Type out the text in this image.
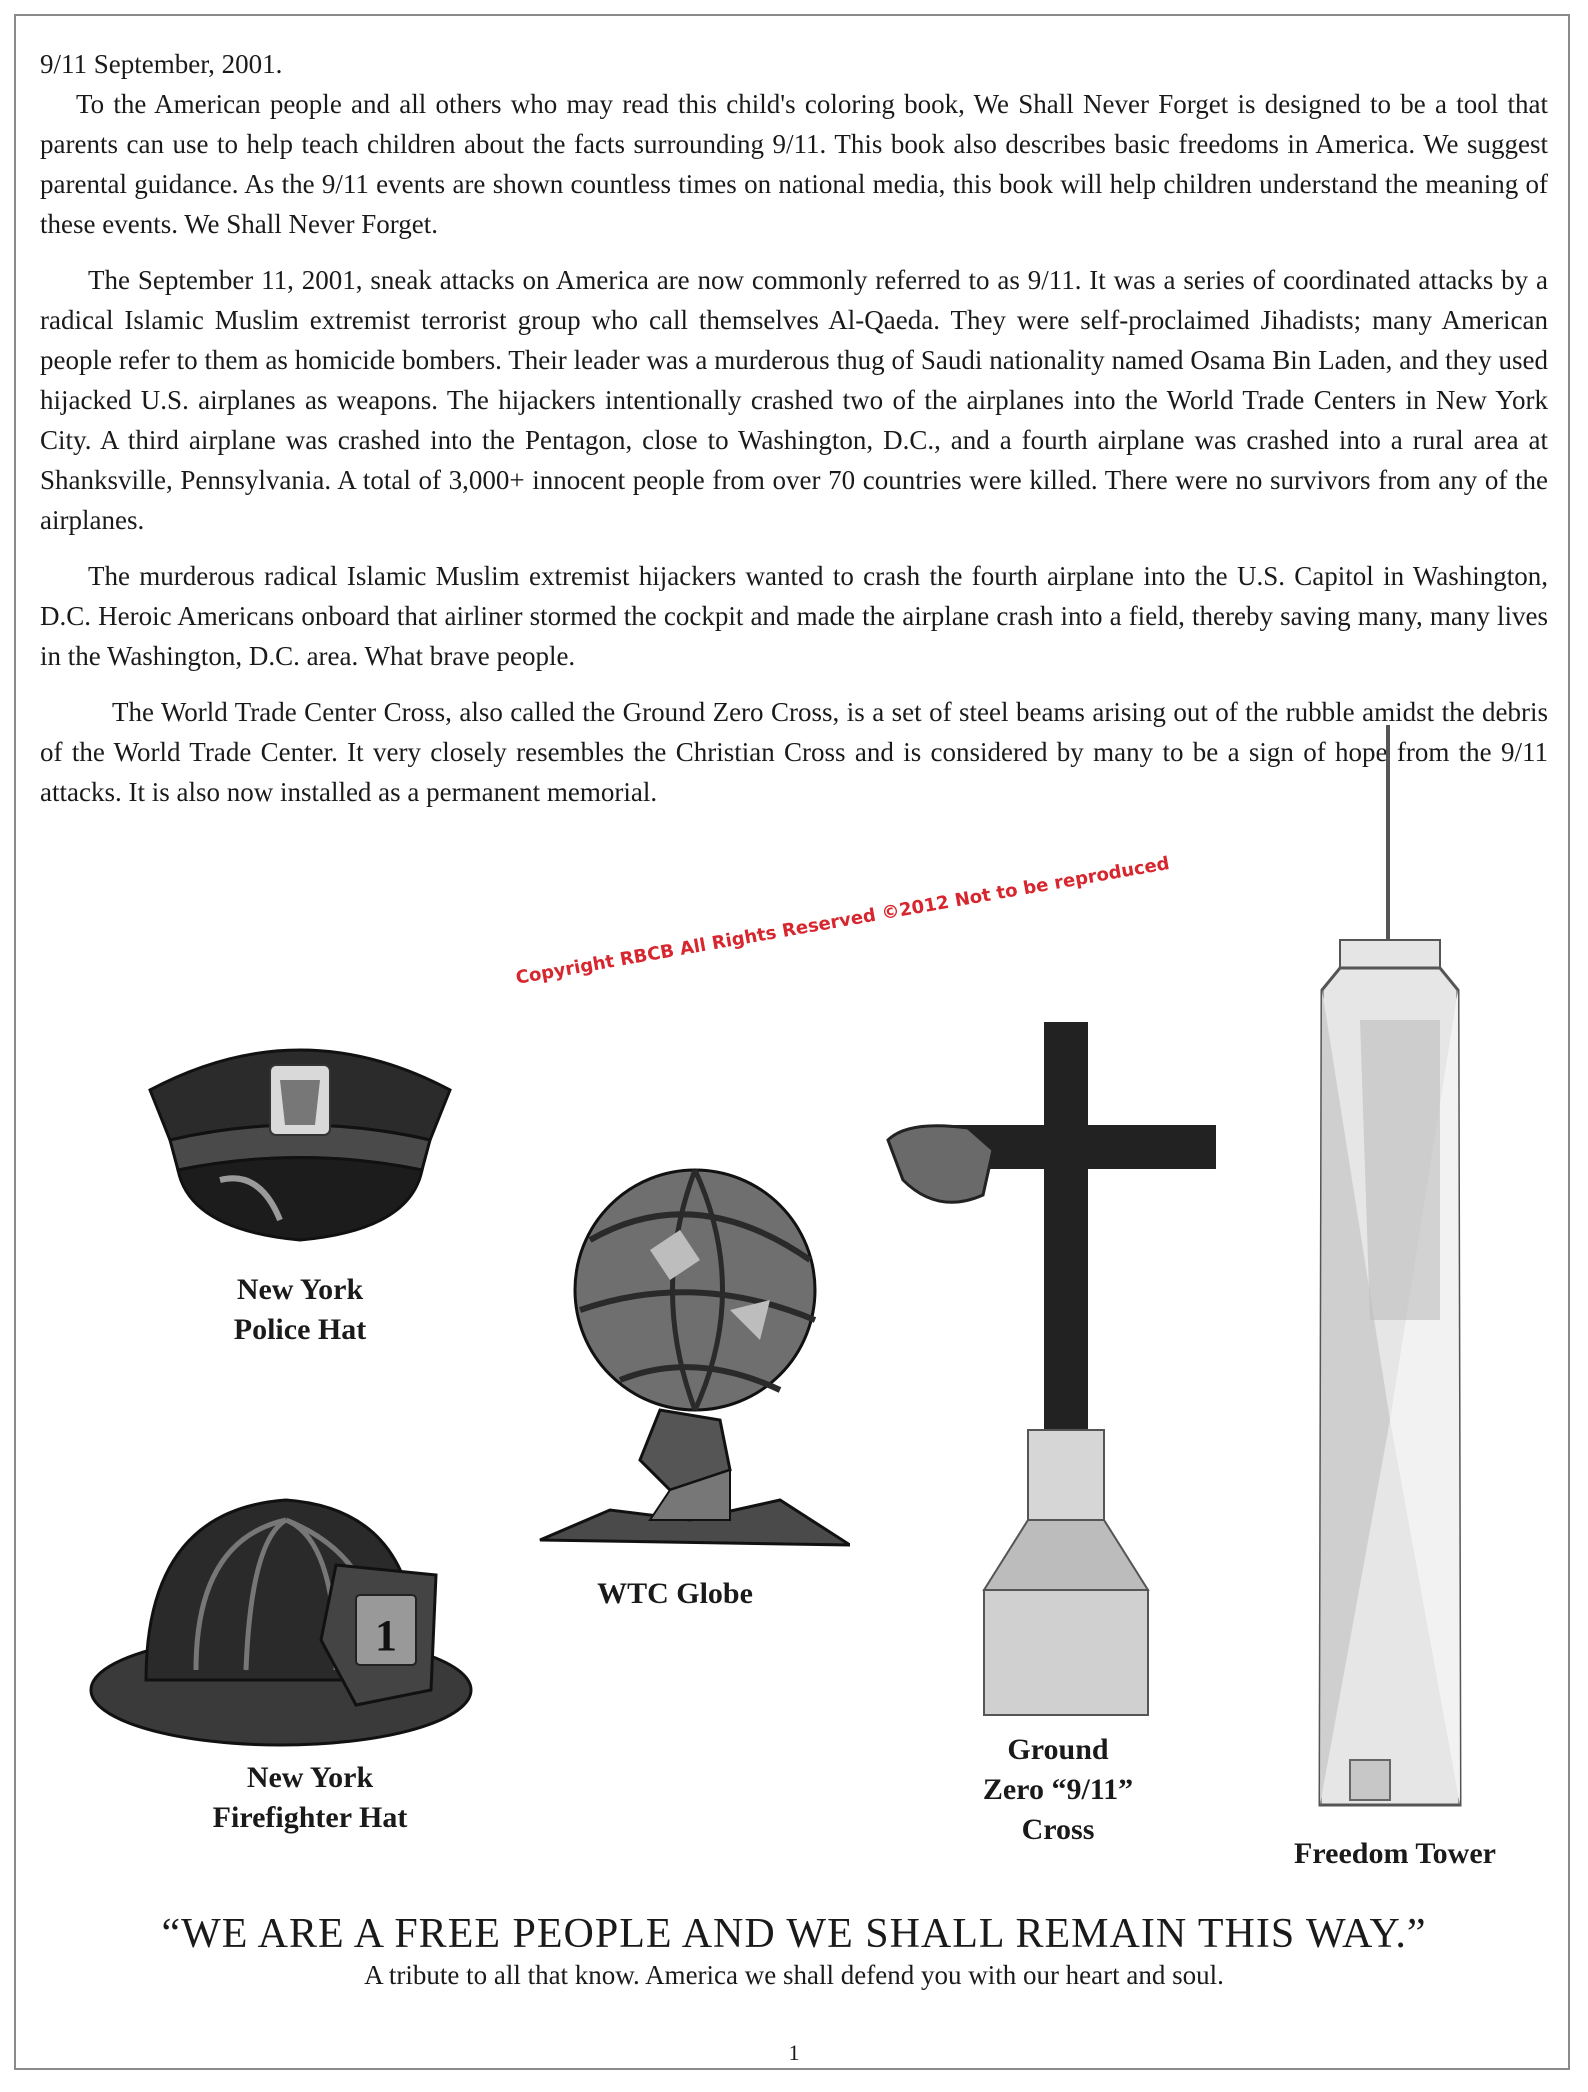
9/11 September, 2001.

To the American people and all others who may read this child's coloring book, We Shall Never Forget is designed to be a tool that parents can use to help teach children about the facts surrounding 9/11. This book also describes basic freedoms in America. We suggest parental guidance. As the 9/11 events are shown countless times on national media, this book will help children understand the meaning of these events. We Shall Never Forget.

The September 11, 2001, sneak attacks on America are now commonly referred to as 9/11. It was a series of coordinated attacks by a radical Islamic Muslim extremist terrorist group who call themselves Al-Qaeda. They were self-proclaimed Jihadists; many American people refer to them as homicide bombers. Their leader was a murderous thug of Saudi nationality named Osama Bin Laden, and they used hijacked U.S. airplanes as weapons. The hijackers intentionally crashed two of the airplanes into the World Trade Centers in New York City. A third airplane was crashed into the Pentagon, close to Washington, D.C., and a fourth airplane was crashed into a rural area at Shanksville, Pennsylvania. A total of 3,000+ innocent people from over 70 countries were killed. There were no survivors from any of the airplanes.

The murderous radical Islamic Muslim extremist hijackers wanted to crash the fourth airplane into the U.S. Capitol in Washington, D.C. Heroic Americans onboard that airliner stormed the cockpit and made the airplane crash into a field, thereby saving many, many lives in the Washington, D.C. area. What brave people.

The World Trade Center Cross, also called the Ground Zero Cross, is a set of steel beams arising out of the rubble amidst the debris of the World Trade Center. It very closely resembles the Christian Cross and is considered by many to be a sign of hope from the 9/11 attacks. It is also now installed as a permanent memorial.

Copyright RBCB All Rights Reserved ©2012 Not to be reproduced
New York
Police Hat
1
New York
Firefighter Hat
WTC Globe
Ground
Zero “9/11”
Cross
Freedom Tower
“WE ARE A FREE PEOPLE AND WE SHALL REMAIN THIS WAY.”
A tribute to all that know. America we shall defend you with our heart and soul.
1
